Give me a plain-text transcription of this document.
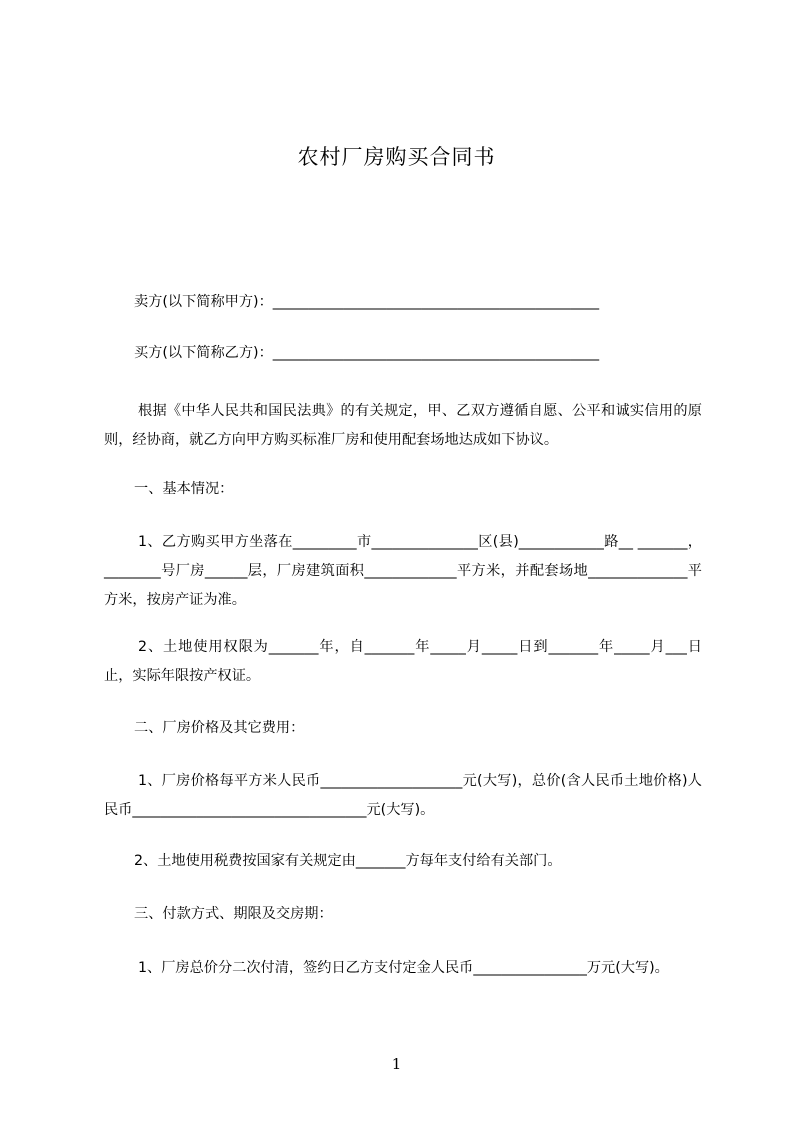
农村厂房购买合同书

卖方(以下简称甲方)：______________________________________________

买方(以下简称乙方)：______________________________________________

根据《中华人民共和国民法典》的有关规定，甲、乙双方遵循自愿、公平和诚实信用的原则，经协商，就乙方向甲方购买标准厂房和使用配套场地达成如下协议。

一、基本情况：

1、乙方购买甲方坐落在_________市_______________区(县)____________路__ _______，________号厂房______层，厂房建筑面积_____________平方米，并配套场地______________平方米，按房产证为准。

2、土地使用权限为_______年，自_______年_____月_____日到_______年_____月___日止，实际年限按产权证。

二、厂房价格及其它费用：

1、厂房价格每平方米人民币____________________元(大写)，总价(含人民币土地价格)人民币_________________________________元(大写)。

2、土地使用税费按国家有关规定由_______方每年支付给有关部门。

三、付款方式、期限及交房期：

1、厂房总价分二次付清，签约日乙方支付定金人民币________________万元(大写)。

1
